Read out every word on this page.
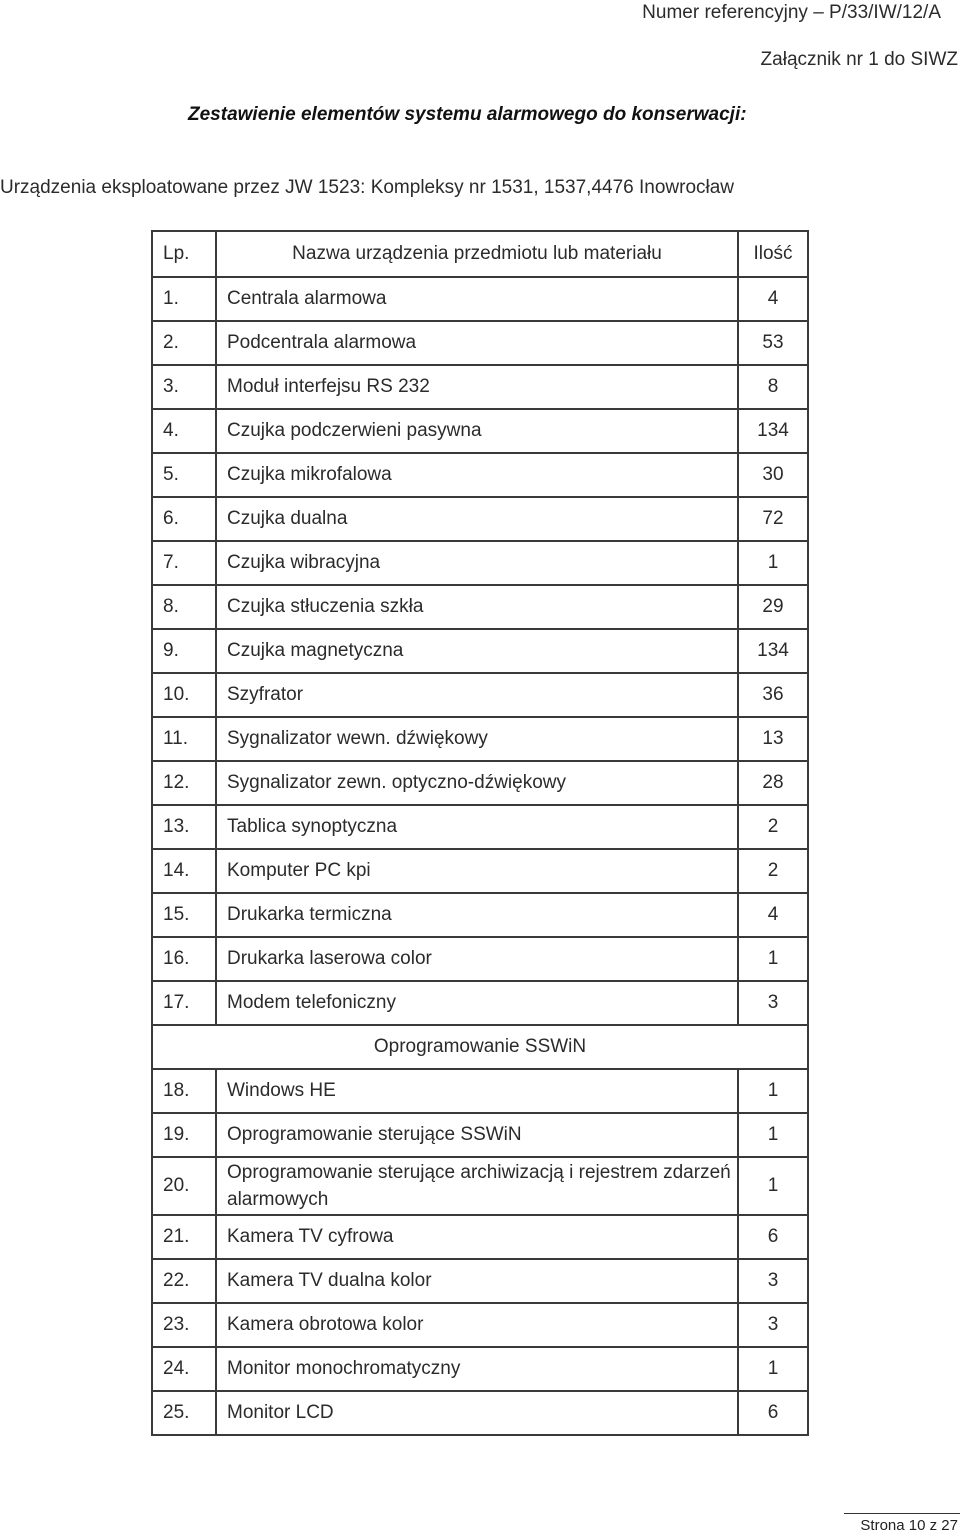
Numer referencyjny – P/33/IW/12/A
Załącznik nr 1 do SIWZ
Zestawienie elementów systemu alarmowego do konserwacji:
Urządzenia eksploatowane przez JW 1523: Kompleksy nr 1531, 1537,4476 Inowrocław
Lp.	Nazwa urządzenia przedmiotu lub materiału	Ilość
1.	Centrala alarmowa	4
2.	Podcentrala alarmowa	53
3.	Moduł interfejsu RS 232	8
4.	Czujka podczerwieni pasywna	134
5.	Czujka mikrofalowa	30
6.	Czujka dualna	72
7.	Czujka wibracyjna	1
8.	Czujka stłuczenia szkła	29
9.	Czujka magnetyczna	134
10.	Szyfrator	36
11.	Sygnalizator wewn. dźwiękowy	13
12.	Sygnalizator zewn. optyczno-dźwiękowy	28
13.	Tablica synoptyczna	2
14.	Komputer PC kpi	2
15.	Drukarka termiczna	4
16.	Drukarka laserowa color	1
17.	Modem telefoniczny	3
Oprogramowanie SSWiN		
18.	Windows HE	1
19.	Oprogramowanie sterujące SSWiN	1
20.	Oprogramowanie sterujące archiwizacją i rejestrem zdarzeń alarmowych	1
21.	Kamera TV cyfrowa	6
22.	Kamera TV dualna kolor	3
23.	Kamera obrotowa kolor	3
24.	Monitor monochromatyczny	1
25.	Monitor LCD	6
Strona 10 z 27
